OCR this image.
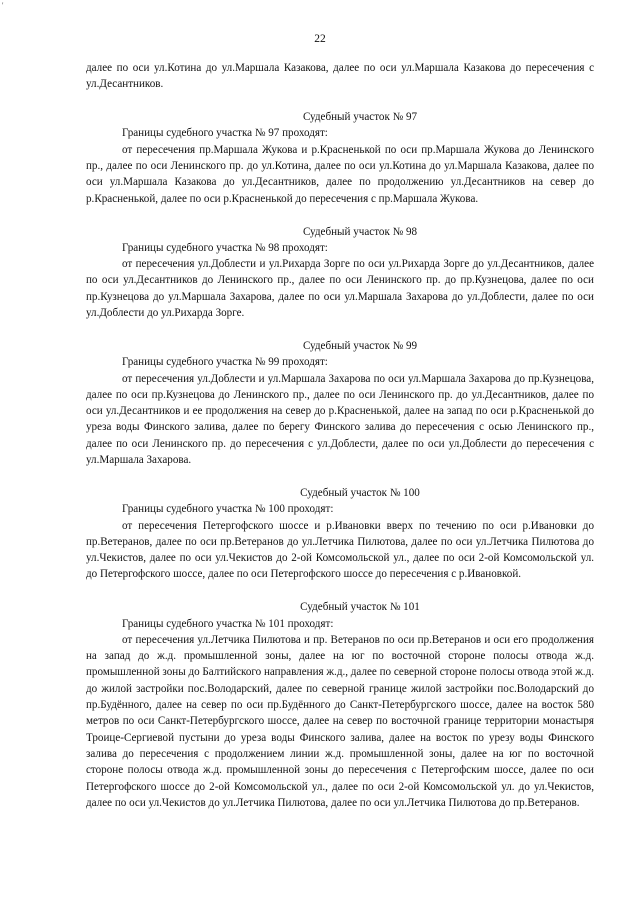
'
22

далее по оси ул.Котина до ул.Маршала Казакова, далее по оси ул.Маршала Казакова до пересечения с ул.Десантников.

Судебный участок № 97

Границы судебного участка № 97 проходят:

от пересечения пр.Маршала Жукова и р.Красненькой по оси пр.Маршала Жукова до Ленинского пр., далее по оси Ленинского пр. до ул.Котина, далее по оси ул.Котина до ул.Маршала Казакова, далее по оси ул.Маршала Казакова до ул.Десантников, далее по продолжению ул.Десантников на север до р.Красненькой, далее по оси р.Красненькой до пересечения с пр.Маршала Жукова.

Судебный участок № 98

Границы судебного участка № 98 проходят:

от пересечения ул.Доблести и ул.Рихарда Зорге по оси ул.Рихарда Зорге до ул.Десантников, далее по оси ул.Десантников до Ленинского пр., далее по оси Ленинского пр. до пр.Кузнецова, далее по оси пр.Кузнецова до ул.Маршала Захарова, далее по оси ул.Маршала Захарова до ул.Доблести, далее по оси ул.Доблести до ул.Рихарда Зорге.

Судебный участок № 99

Границы судебного участка № 99 проходят:

от пересечения ул.Доблести и ул.Маршала Захарова по оси ул.Маршала Захарова до пр.Кузнецова, далее по оси пр.Кузнецова до Ленинского пр., далее по оси Ленинского пр. до ул.Десантников, далее по оси ул.Десантников и ее продолжения на север до р.Красненькой, далее на запад по оси р.Красненькой до уреза воды Финского залива, далее по берегу Финского залива до пересечения с осью Ленинского пр., далее по оси Ленинского пр. до пересечения с ул.Доблести, далее по оси ул.Доблести до пересечения с ул.Маршала Захарова.

Судебный участок № 100

Границы судебного участка № 100 проходят:

от пересечения Петергофского шоссе и р.Ивановки вверх по течению по оси р.Ивановки до пр.Ветеранов, далее по оси пр.Ветеранов до ул.Летчика Пилютова, далее по оси ул.Летчика Пилютова до ул.Чекистов, далее по оси ул.Чекистов до 2-ой Комсомольской ул., далее по оси 2-ой Комсомольской ул. до Петергофского шоссе, далее по оси Петергофского шоссе до пересечения с р.Ивановкой.

Судебный участок № 101

Границы судебного участка № 101 проходят:

от пересечения ул.Летчика Пилютова и пр. Ветеранов по оси пр.Ветеранов и оси его продолжения на запад до ж.д. промышленной зоны, далее на юг по восточной стороне полосы отвода ж.д. промышленной зоны до Балтийского направления ж.д., далее по северной стороне полосы отвода этой ж.д. до жилой застройки пос.Володарский, далее по северной границе жилой застройки пос.Володарский до пр.Будённого, далее на север по оси пр.Будённого до Санкт-Петербургского шоссе, далее на восток 580 метров по оси Санкт-Петербургского шоссе, далее на север по восточной границе территории монастыря Троице-Сергиевой пустыни до уреза воды Финского залива, далее на восток по урезу воды Финского залива до пересечения с продолжением линии ж.д. промышленной зоны, далее на юг по восточной стороне полосы отвода ж.д. промышленной зоны до пересечения с Петергофским шоссе, далее по оси Петергофского шоссе до 2-ой Комсомольской ул., далее по оси 2-ой Комсомольской ул. до ул.Чекистов, далее по оси ул.Чекистов до ул.Летчика Пилютова, далее по оси ул.Летчика Пилютова до пр.Ветеранов.
